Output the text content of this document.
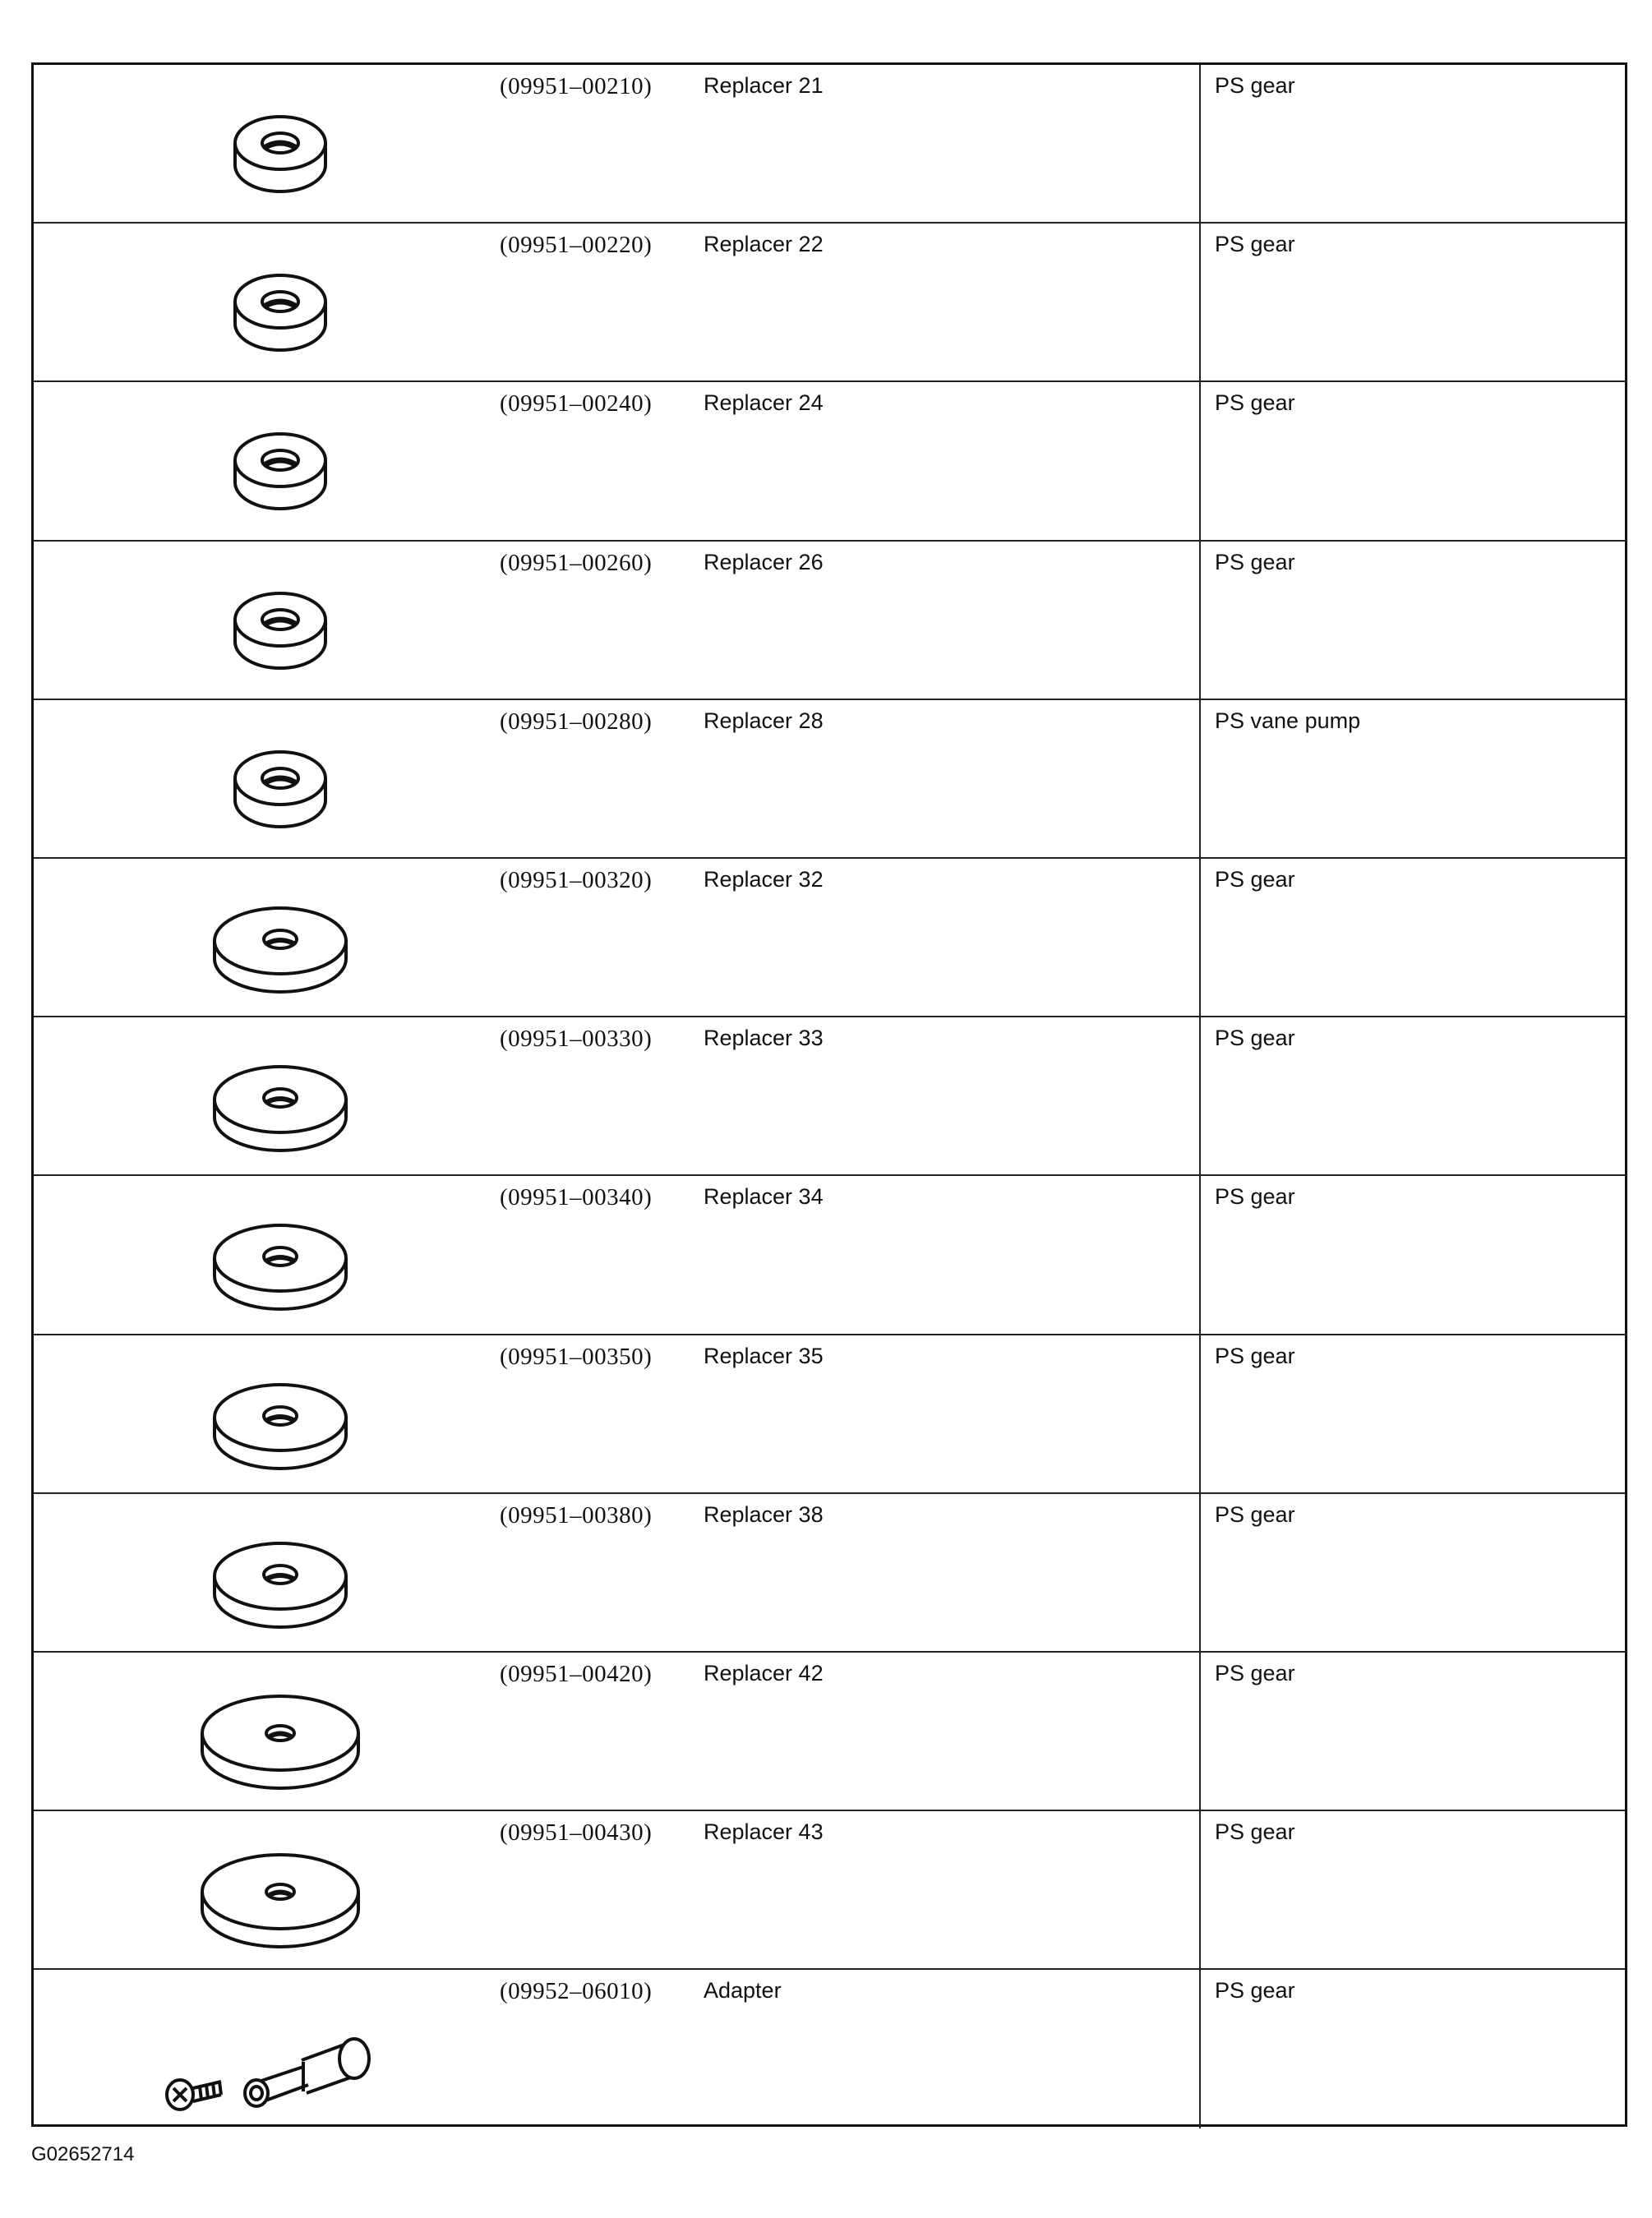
(09951–00210) Replacer 21	PS gear
(09951–00220) Replacer 22	PS gear
(09951–00240) Replacer 24	PS gear
(09951–00260) Replacer 26	PS gear
(09951–00280) Replacer 28	PS vane pump
(09951–00320) Replacer 32	PS gear
(09951–00330) Replacer 33	PS gear
(09951–00340) Replacer 34	PS gear
(09951–00350) Replacer 35	PS gear
(09951–00380) Replacer 38	PS gear
(09951–00420) Replacer 42	PS gear
(09951–00430) Replacer 43	PS gear
(09952–06010) Adapter	PS gear
G02652714
